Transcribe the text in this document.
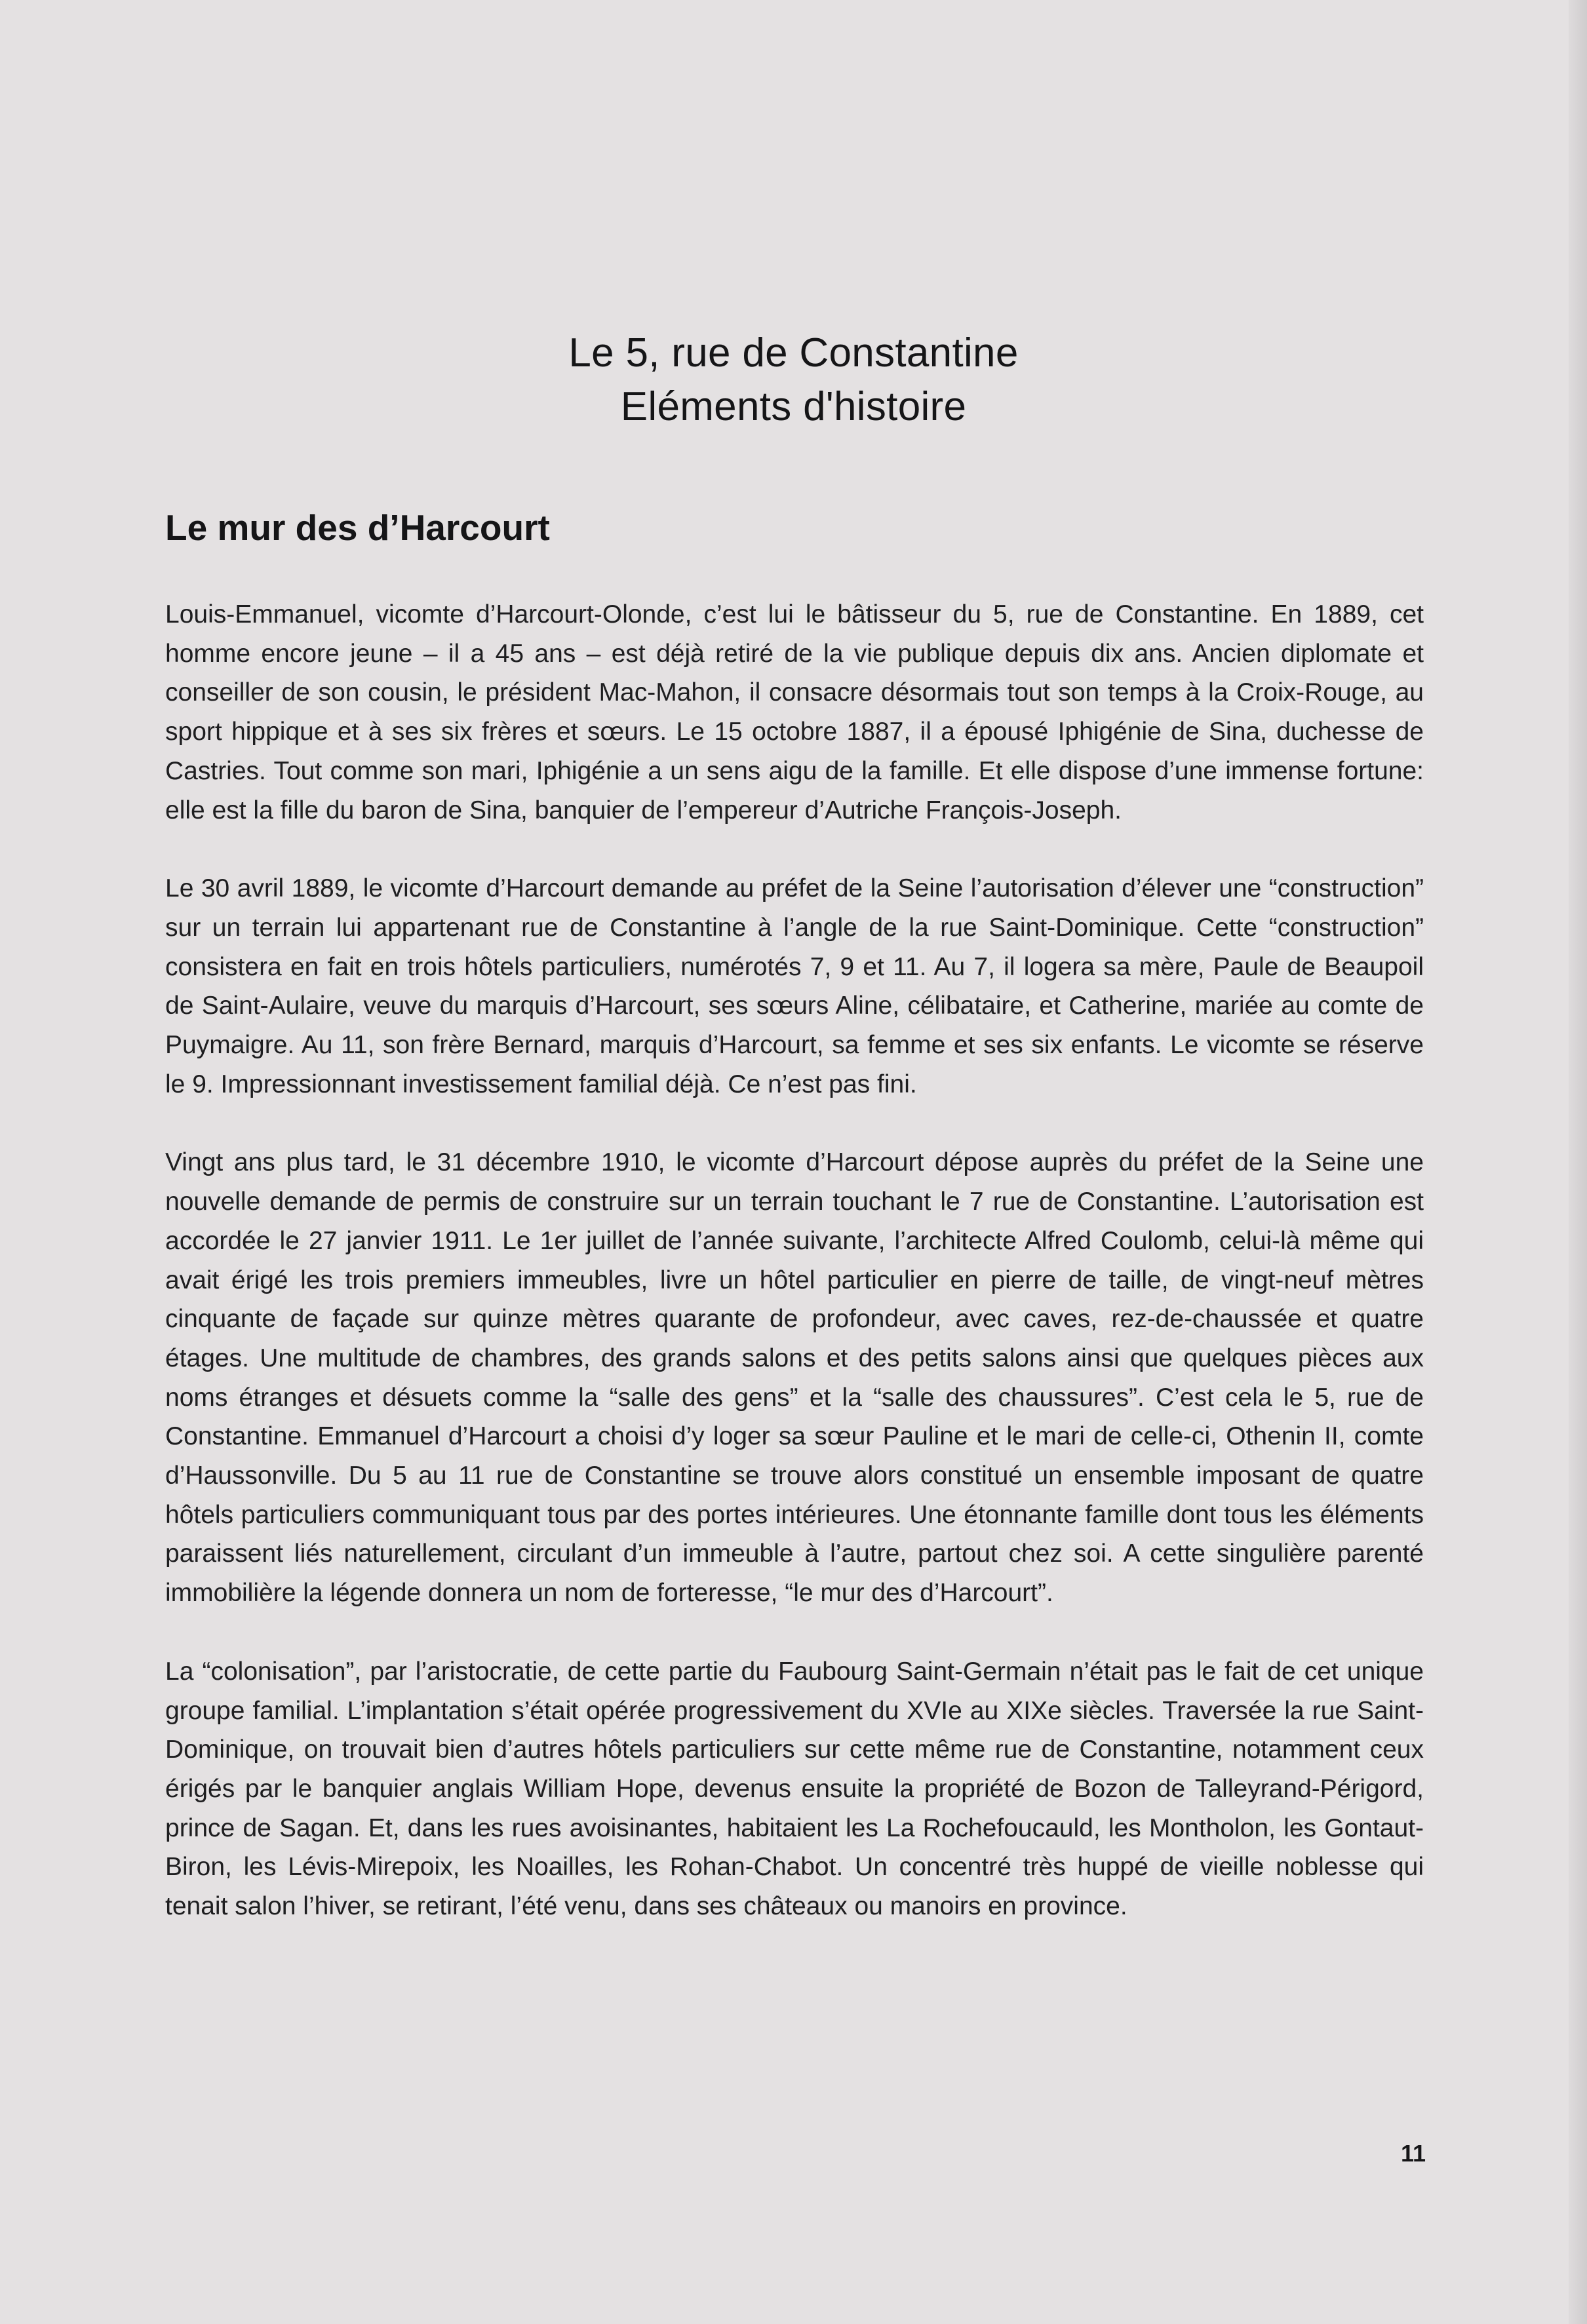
Le 5, rue de Constantine
Eléments d'histoire
Le mur des d’Harcourt

Louis-Emmanuel, vicomte d’Harcourt-Olonde, c’est lui le bâtisseur du 5, rue de Constantine. En 1889, cet homme encore jeune – il a 45 ans – est déjà retiré de la vie publique depuis dix ans. Ancien diplomate et conseiller de son cousin, le président Mac-Mahon, il consacre désormais tout son temps à la Croix-Rouge, au sport hippique et à ses six frères et sœurs. Le 15 octobre 1887, il a épousé Iphigénie de Sina, duchesse de Castries. Tout comme son mari, Iphigénie a un sens aigu de la famille. Et elle dispose d’une immense fortune: elle est la fille du baron de Sina, banquier de l’empereur d’Autriche François-Joseph.

Le 30 avril 1889, le vicomte d’Harcourt demande au préfet de la Seine l’autorisation d’élever une “construction” sur un terrain lui appartenant rue de Constantine à l’angle de la rue Saint-Dominique. Cette “construction” consistera en fait en trois hôtels particuliers, numérotés 7, 9 et 11. Au 7, il logera sa mère, Paule de Beaupoil de Saint-Aulaire, veuve du marquis d’Harcourt, ses sœurs Aline, célibataire, et Catherine, mariée au comte de Puymaigre. Au 11, son frère Bernard, marquis d’Harcourt, sa femme et ses six enfants. Le vicomte se réserve le 9. Impressionnant investissement familial déjà. Ce n’est pas fini.

Vingt ans plus tard, le 31 décembre 1910, le vicomte d’Harcourt dépose auprès du préfet de la Seine une nouvelle demande de permis de construire sur un terrain touchant le 7 rue de Constantine. L’autorisation est accordée le 27 janvier 1911. Le 1er juillet de l’année suivante, l’architecte Alfred Coulomb, celui-là même qui avait érigé les trois premiers immeubles, livre un hôtel particulier en pierre de taille, de vingt-neuf mètres cinquante de façade sur quinze mètres quarante de profondeur, avec caves, rez-de-chaussée et quatre étages. Une multitude de chambres, des grands salons et des petits salons ainsi que quelques pièces aux noms étranges et désuets comme la “salle des gens” et la “salle des chaussures”. C’est cela le 5, rue de Constantine. Emmanuel d’Harcourt a choisi d’y loger sa sœur Pauline et le mari de celle-ci, Othenin II, comte d’Haussonville. Du 5 au 11 rue de Constantine se trouve alors constitué un ensemble imposant de quatre hôtels particuliers communiquant tous par des portes intérieures. Une étonnante famille dont tous les éléments paraissent liés naturellement, circulant d’un immeuble à l’autre, partout chez soi. A cette singulière parenté immobilière la légende donnera un nom de forteresse, “le mur des d’Harcourt”.

La “colonisation”, par l’aristocratie, de cette partie du Faubourg Saint-Germain n’était pas le fait de cet unique groupe familial. L’implantation s’était opérée progressivement du XVIe au XIXe siècles. Traversée la rue Saint-Dominique, on trouvait bien d’autres hôtels particuliers sur cette même rue de Constantine, notamment ceux érigés par le banquier anglais William Hope, devenus ensuite la propriété de Bozon de Talleyrand-Périgord, prince de Sagan. Et, dans les rues avoisinantes, habitaient les La Rochefoucauld, les Montholon, les Gontaut-Biron, les Lévis-Mirepoix, les Noailles, les Rohan-Chabot. Un concentré très huppé de vieille noblesse qui tenait salon l’hiver, se retirant, l’été venu, dans ses châteaux ou manoirs en province.

11
